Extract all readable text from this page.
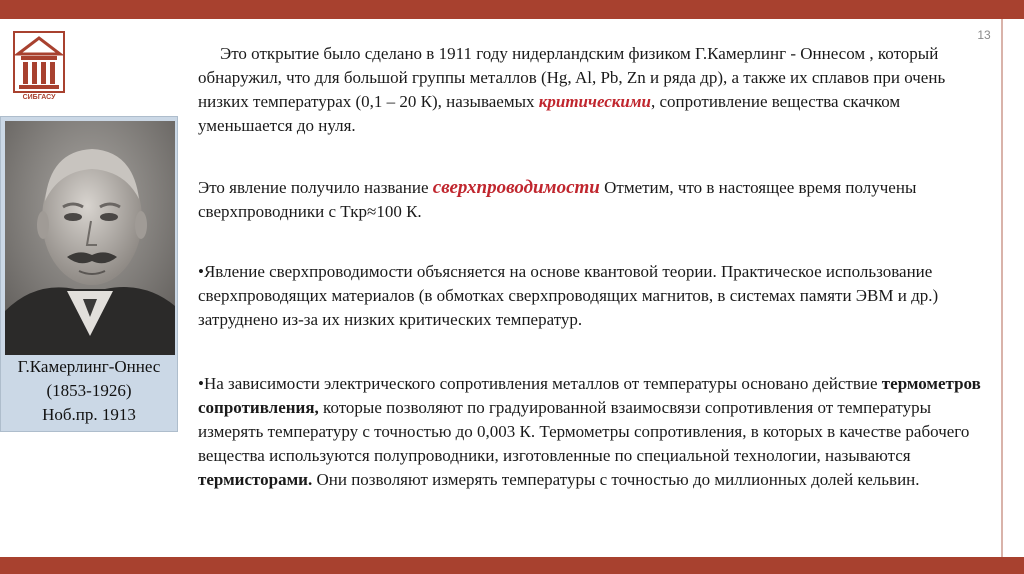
13
СИБГАСУ
Г.Камерлинг-Оннес
(1853-1926)
Ноб.пр. 1913
Это открытие было сделано в 1911 году нидерландским физиком Г.Камерлинг - Оннесом , который обнаружил, что для большой группы металлов (Hg, Al, Pb, Zn и ряда др), а также их сплавов при очень низких температурах (0,1 – 20 К), называемых критическими, сопротивление вещества скачком уменьшается до нуля.
Это явление получило название сверхпроводимости Отметим, что в настоящее время получены сверхпроводники с Ткр≈100 К.
•Явление сверхпроводимости объясняется на основе квантовой теории. Практическое использование сверхпроводящих материалов (в обмотках сверхпроводящих магнитов, в системах памяти ЭВМ и др.) затруднено из-за их низких критических температур.
•На зависимости электрического сопротивления металлов от температуры основано действие термометров сопротивления, которые позволяют по градуированной взаимосвязи сопротивления от температуры измерять температуру с точностью до 0,003 К. Термометры сопротивления, в которых в качестве рабочего вещества используются полупроводники, изготовленные по специальной технологии, называются термисторами. Они позволяют измерять температуры с точностью до миллионных долей кельвин.
